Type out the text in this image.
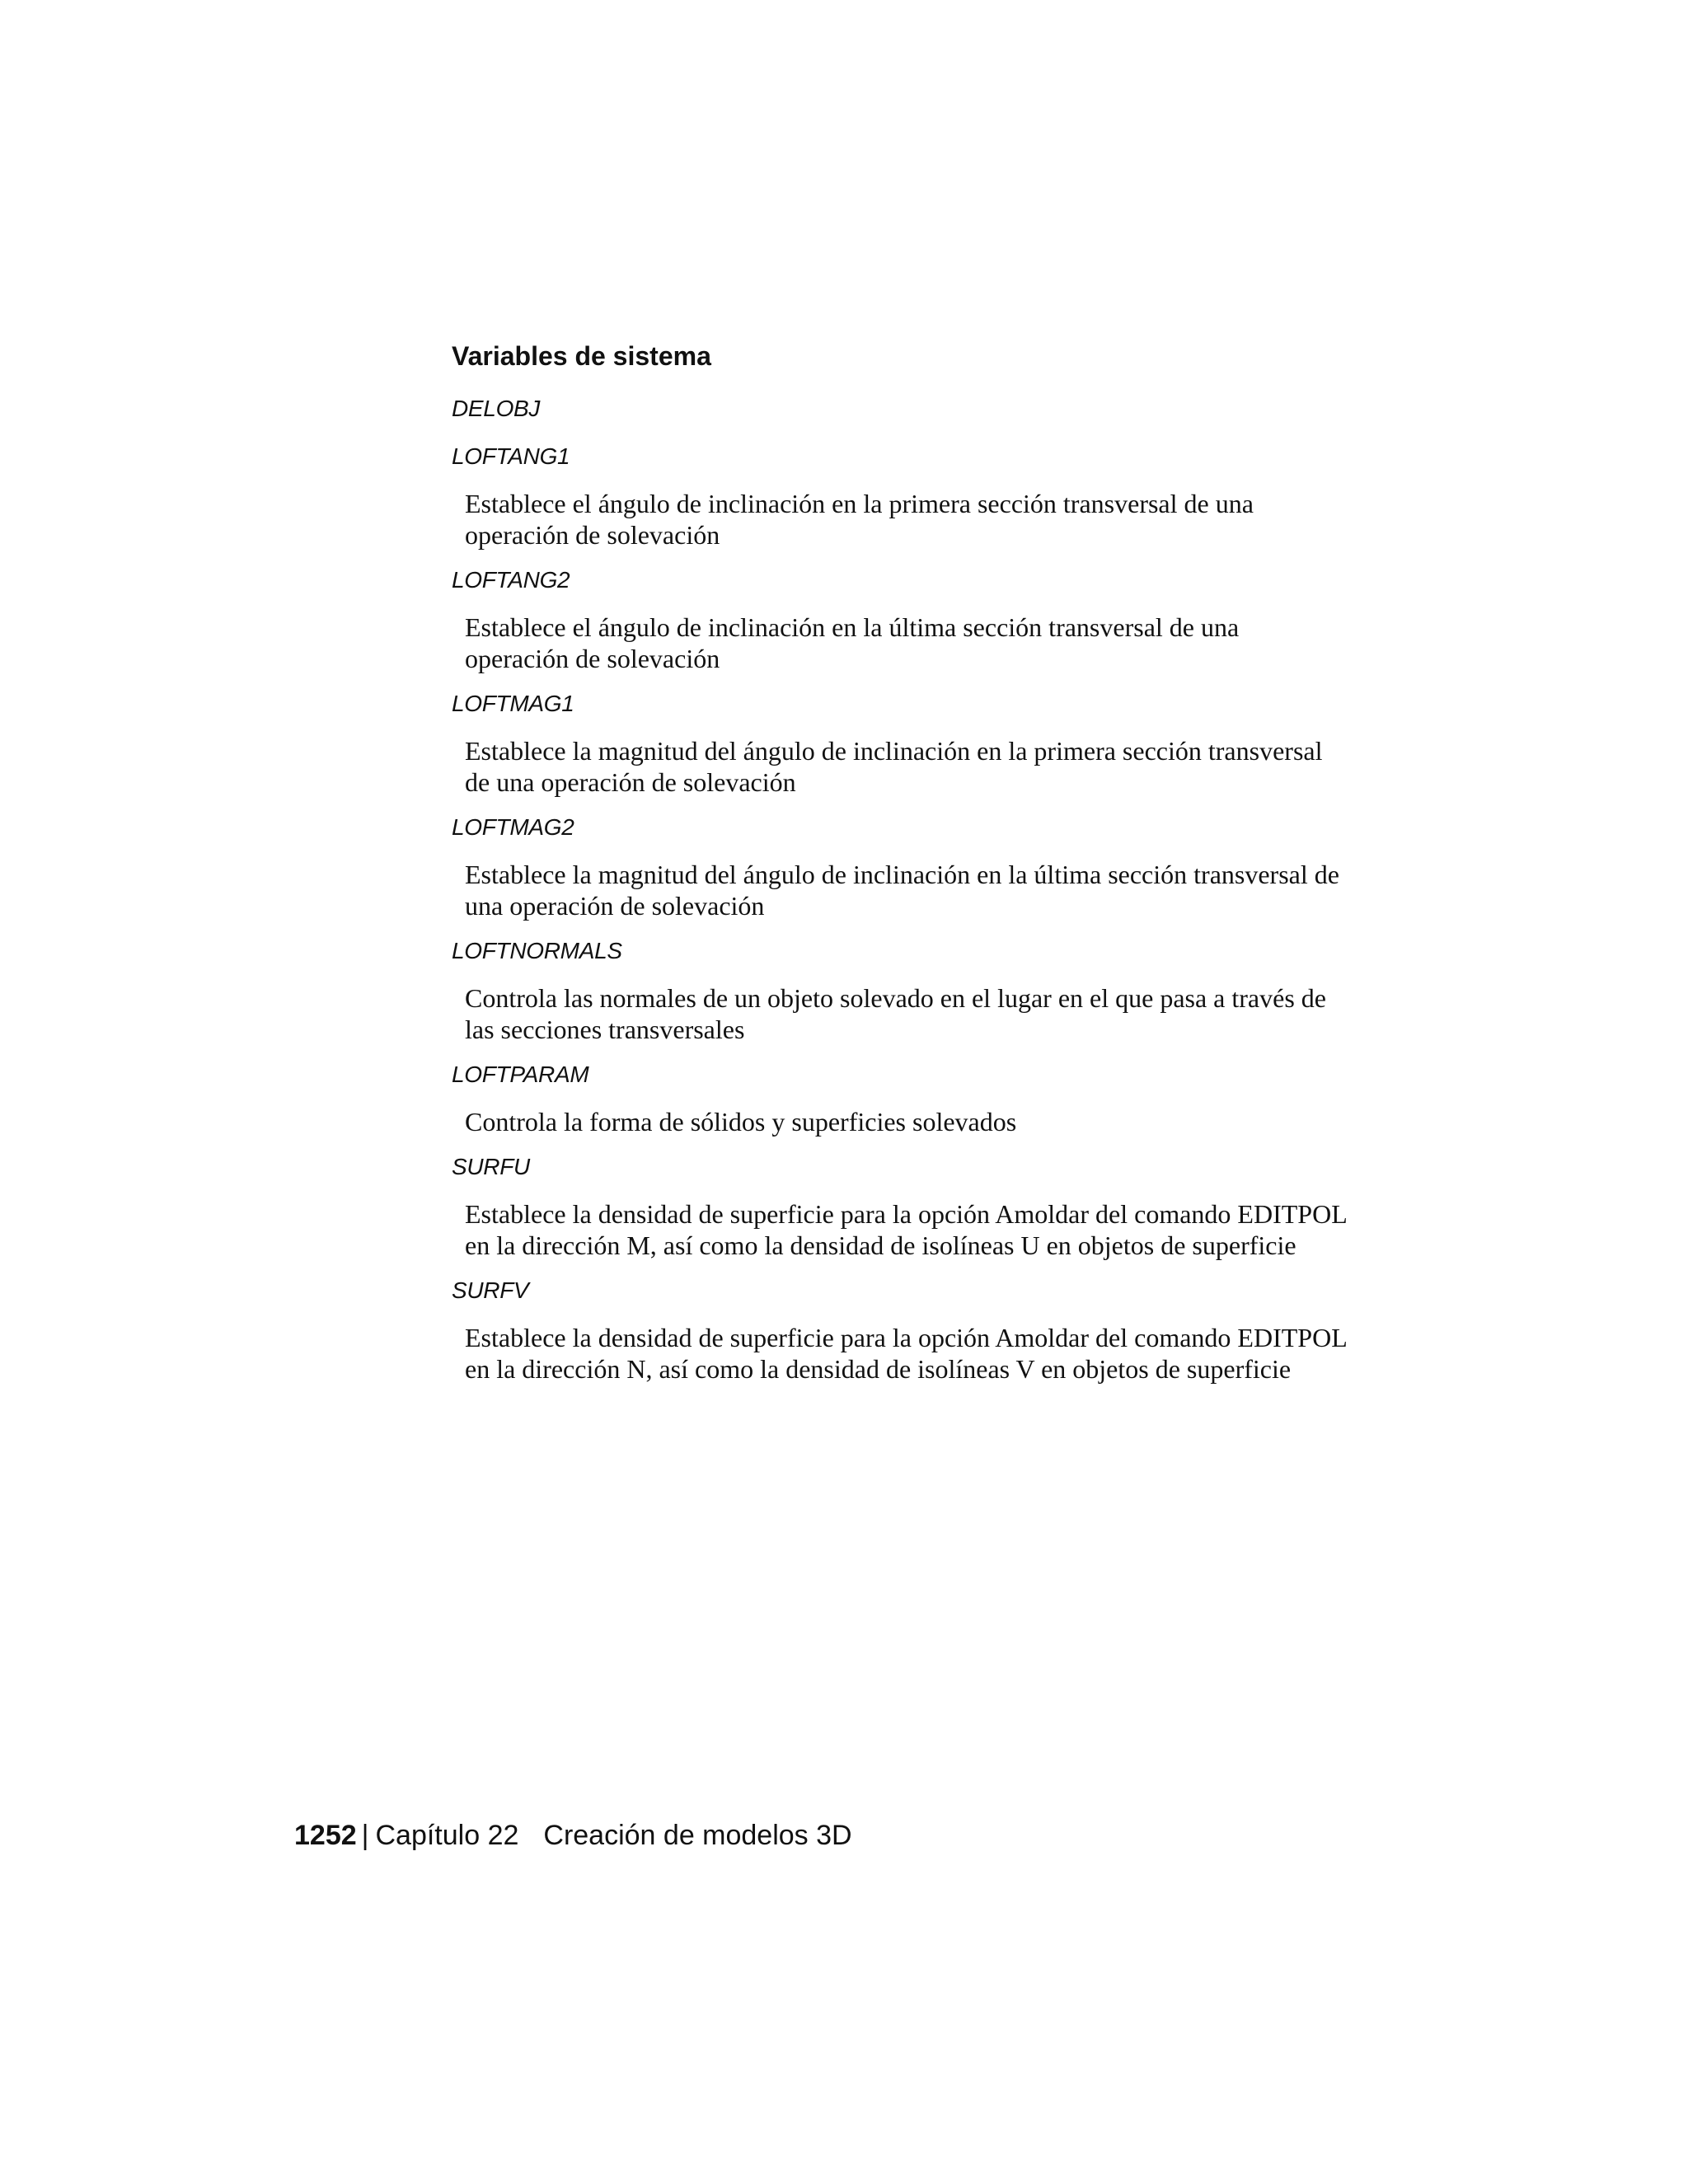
Variables de sistema
DELOBJ
LOFTANG1
Establece el ángulo de inclinación en la primera sección transversal de una operación de solevación
LOFTANG2
Establece el ángulo de inclinación en la última sección transversal de una operación de solevación
LOFTMAG1
Establece la magnitud del ángulo de inclinación en la primera sección transversal de una operación de solevación
LOFTMAG2
Establece la magnitud del ángulo de inclinación en la última sección transversal de una operación de solevación
LOFTNORMALS
Controla las normales de un objeto solevado en el lugar en el que pasa a través de las secciones transversales
LOFTPARAM
Controla la forma de sólidos y superficies solevados
SURFU
Establece la densidad de superficie para la opción Amoldar del comando EDITPOL en la dirección M, así como la densidad de isolíneas U en objetos de superficie
SURFV
Establece la densidad de superficie para la opción Amoldar del comando EDITPOL en la dirección N, así como la densidad de isolíneas V en objetos de superficie
1252 | Capítulo 22 Creación de modelos 3D
